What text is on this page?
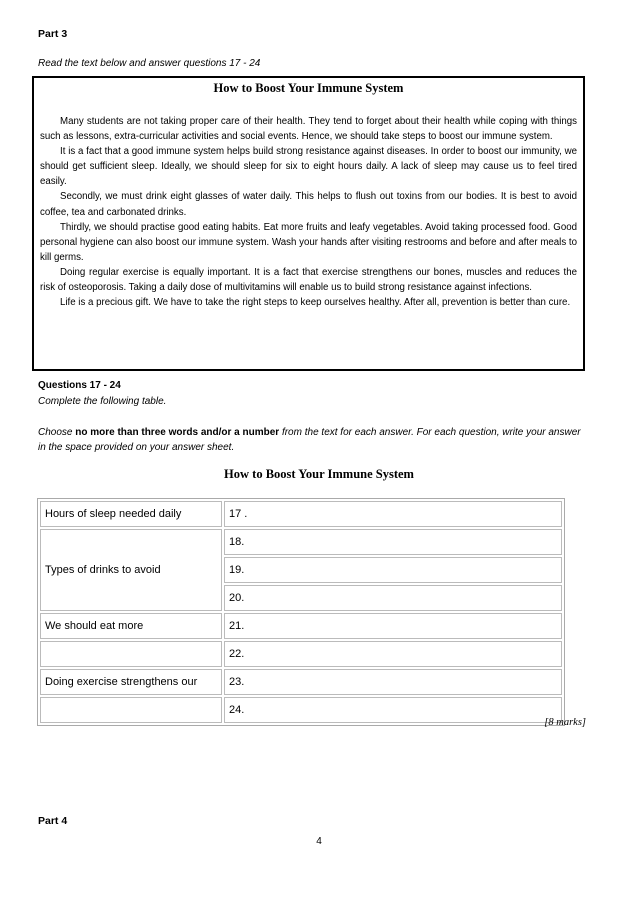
Part 3
Read the text below and answer questions 17 - 24
How to Boost Your Immune System

Many students are not taking proper care of their health. They tend to forget about their health while coping with things such as lessons, extra-curricular activities and social events. Hence, we should take steps to boost our immune system.

It is a fact that a good immune system helps build strong resistance against diseases. In order to boost our immunity, we should get sufficient sleep. Ideally, we should sleep for six to eight hours daily. A lack of sleep may cause us to feel tired easily.

Secondly, we must drink eight glasses of water daily. This helps to flush out toxins from our bodies. It is best to avoid coffee, tea and carbonated drinks.

Thirdly, we should practise good eating habits. Eat more fruits and leafy vegetables. Avoid taking processed food. Good personal hygiene can also boost our immune system. Wash your hands after visiting restrooms and before and after meals to kill germs.

Doing regular exercise is equally important. It is a fact that exercise strengthens our bones, muscles and reduces the risk of osteoporosis. Taking a daily dose of multivitamins will enable us to build strong resistance against infections.

Life is a precious gift. We have to take the right steps to keep ourselves healthy. After all, prevention is better than cure.

Questions 17 - 24
Complete the following table.
Choose no more than three words and/or a number from the text for each answer. For each question, write your answer in the space provided on your answer sheet.
How to Boost Your Immune System
Hours of sleep needed daily	17 .
Types of drinks to avoid	18.
	19.
	20.
We should eat more	21.
	22.
Doing exercise strengthens our	23.
	24.
[8 marks]
Part 4
4
